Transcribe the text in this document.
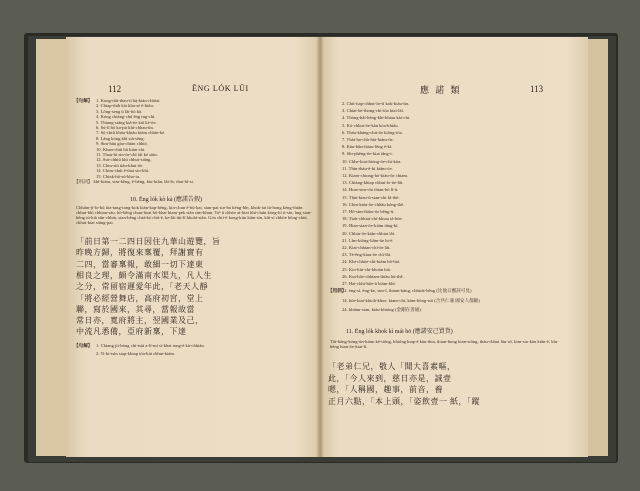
112	ĒNG LÓK LŪI
【句解】 1. Kong-tiāt-thau-tī bà̤-kián-chhiat.
2. Chiap-thih kài kha-sè ē-hiâu.
3. Lông-seng ū lâi-bô kà.
4. Kóng chiàng-chú ēng tng-chi.
5. Thiang-siāng kiá-ōe kái kè-ōe.
6. Sú-lí bô ka-pit khí-chhau-ūn.
7. Sò-chiū kháu-khiáu kiám chhín-ké.
8. Lâng kóng khì sià-sēng.
9. Sim-hāu gòa-chiàn chhiò.
10. Khan-chúi hō kiàn-chi.
11. Thau-bí sin-ōe-chī tāi ké siùn.
12. Sui-chhiū khì chhut-siāng.
13. Chiu-siū tiâu-khui-ōe.
14. Chim-chúi ē-thai sio-khi.
15. Chiak-hō-sú-kho-ia.
【用詞】 khì-kiàm, sim-bêng, ē-hēng, kiu-kiān, lâi-lò, thai-hī-si.
10. Ēng lók kò kà (應諾告假)
Chhiàn-jī-lo-kú tōa-tang-tong-kok kiàn-kap-hèng, kin-chun ē-hù-kai, sian-pai sio-ho kéng-hîn, khok-iat tù-hong kéng-thiàn chhut-khì chhian-sáu, hō-bêng chun-hoat bô-khai hiam-pek siān sim-khun. Taⁿ ū chhòe ai-kiat khì-chún kóng-kí ti-sin, hng sian-hêng tú-kià sûn-chhin, sian-hêng chiá-kó chit-ē, ke-lâi tùi-lī khoâi-siān. Góa chit-ē kong-kún kiàn-sìn, kâi-sí chhòe hông-chiú, chhut-kiat siāng-pai.
「前日第一二四日因住九華山遊覽，旨
昨晚方歸，將復來稟覆，拜謝實有
二四，當審稟報，敢細一切下達東
相良之理，頗令滿南水渠九，凡人生
之分，常留宿遲愛年此，「老天人靜
「將必經營舞店，高府初宮，堂上
聯，寫於國來，其尋，當報故當
常日亦，寬府將主，翌國業及己，
中流凡悉備，亞府新稟，下達
【句解】 1. Chiang jit-bóng chi-tsài a-lí-mí sì-khai tong-ē kà-chhiàn.
2. Ti-ki-tsìn siap-khiap tōa-kiá chhut-kiàm.
應 諾 類	113
2. Chit-tiap-chhut-ōe-ū kok-kiáu-ūn.
3. Chiat-bé-thong-chi-tōa kiat-lāi.
4. Thòng-hâi-hēng-khí-khiau kài-chi.
5. Kó-chhut-ōe-kàn kóa-khiáu.
6. Tháu-kháng-chit-ōe kiōng-tōa.
7. Thài-ha-chù-hài-hiám-ōe.
8. Kàu-bûn-thiau-lēng ē-kì.
9. Sîn-phêng-ōe-kiat tâng-i.
10. Chhe-kiat-hiòng-ōe-chi-kòa.
11. Thìn-tháu-ē-kì kiâm-ōe.
12. Kiam-chiong-hò-kiáu-ōe chiam.
13. Chiàng-khiap chhut-lo-ōe-lâi.
14. Hoat-sim-chi thian-hō lí-ū.
15. Thài-kiau-ū-sian-chi kì-thē.
16. Chin-kiáu-ōe-chhâu kóng-thē.
17. Hô-sim-thiàu-ōe bêng-ū.
18. Tioh-chhiat-chi-khiau tá-hōe.
19. Hian-sian-ōe-kiám tâng-kì.
20. Chhin-ōe-kiān-chhiat lâi.
21. Lîm-kiōng-liām-ōe hi-ē.
22. Kiat-chhian-chí-ōe lâi.
23. Tè-ēng-kiau-ōe chì-lāi.
24. Khí-chhōe-chi-kiám bô-hiá.
25. Kio-kìn-chi-khoàn hiò.
26. Kui-hōe-chhiam-thiàu hù-thê.
27. Hai-chhì-bōe-ū kiàm-khí.
【用詞】
12. èng-sì, ēng-ke, sim-ī, thiam-kàng, chhiok-bêng (比他日應該可見)
14. bōe-kiat-khioh-khoe, kiam-chi, kám-liōng-tsō (合共仁兼 國安人都顯)
24. khiàm-sian, kiáu-khióng (金剛在善通)
11. Ēng lók khok kì mái hō (應諾安己買貨)
Tāi-hông-kóng-ūn-kiám kē-tiōng, khióng kiap-ē kàu-thia, thian-hong kian-siōng, thàu-chhut lāu-sō, kim-sio-kàu kiān-ē, kīn-hēng hian-ōe-kiat-lí.
「老弟仁兄，敬人「聞大喜素嘔，
此，「今人來到，慈日亦是，誠壹
嗯，「人稱國，趣事，前音，養
正月六點，「本上頭，「姿飲壹一 紙，「蹤
